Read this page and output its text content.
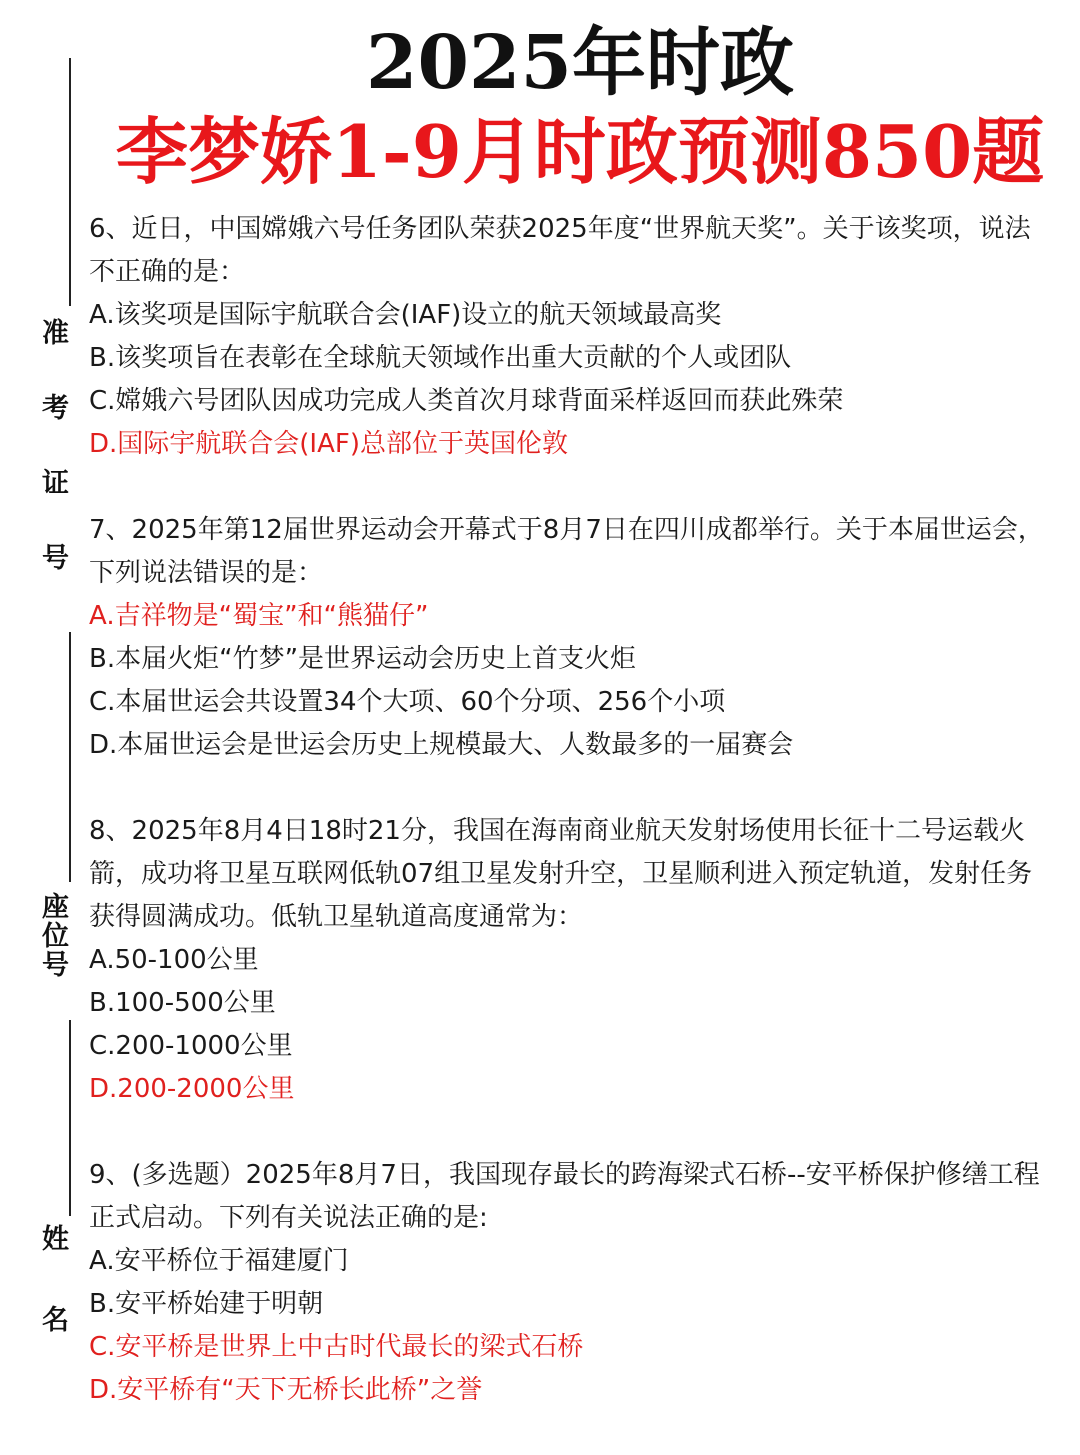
准考证号
座位号
姓名
2025年时政
李梦娇1-9月时政预测850题

6、近日，中国嫦娥六号任务团队荣获2025年度“世界航天奖”。关于该奖项，说法不正确的是：

A.该奖项是国际宇航联合会(IAF)设立的航天领域最高奖

B.该奖项旨在表彰在全球航天领域作出重大贡献的个人或团队

C.嫦娥六号团队因成功完成人类首次月球背面采样返回而获此殊荣

D.国际宇航联合会(IAF)总部位于英国伦敦

7、2025年第12届世界运动会开幕式于8月7日在四川成都举行。关于本届世运会，下列说法错误的是：

A.吉祥物是“蜀宝”和“熊猫仔”

B.本届火炬“竹梦”是世界运动会历史上首支火炬

C.本届世运会共设置34个大项、60个分项、256个小项

D.本届世运会是世运会历史上规模最大、人数最多的一届赛会

8、2025年8月4日18时21分，我国在海南商业航天发射场使用长征十二号运载火箭，成功将卫星互联网低轨07组卫星发射升空，卫星顺利进入预定轨道，发射任务获得圆满成功。低轨卫星轨道高度通常为：

A.50-100公里

B.100-500公里

C.200-1000公里

D.200-2000公里

9、(多选题）2025年8月7日，我国现存最长的跨海梁式石桥--安平桥保护修缮工程正式启动。下列有关说法正确的是:

A.安平桥位于福建厦门

B.安平桥始建于明朝

C.安平桥是世界上中古时代最长的梁式石桥

D.安平桥有“天下无桥长此桥”之誉
